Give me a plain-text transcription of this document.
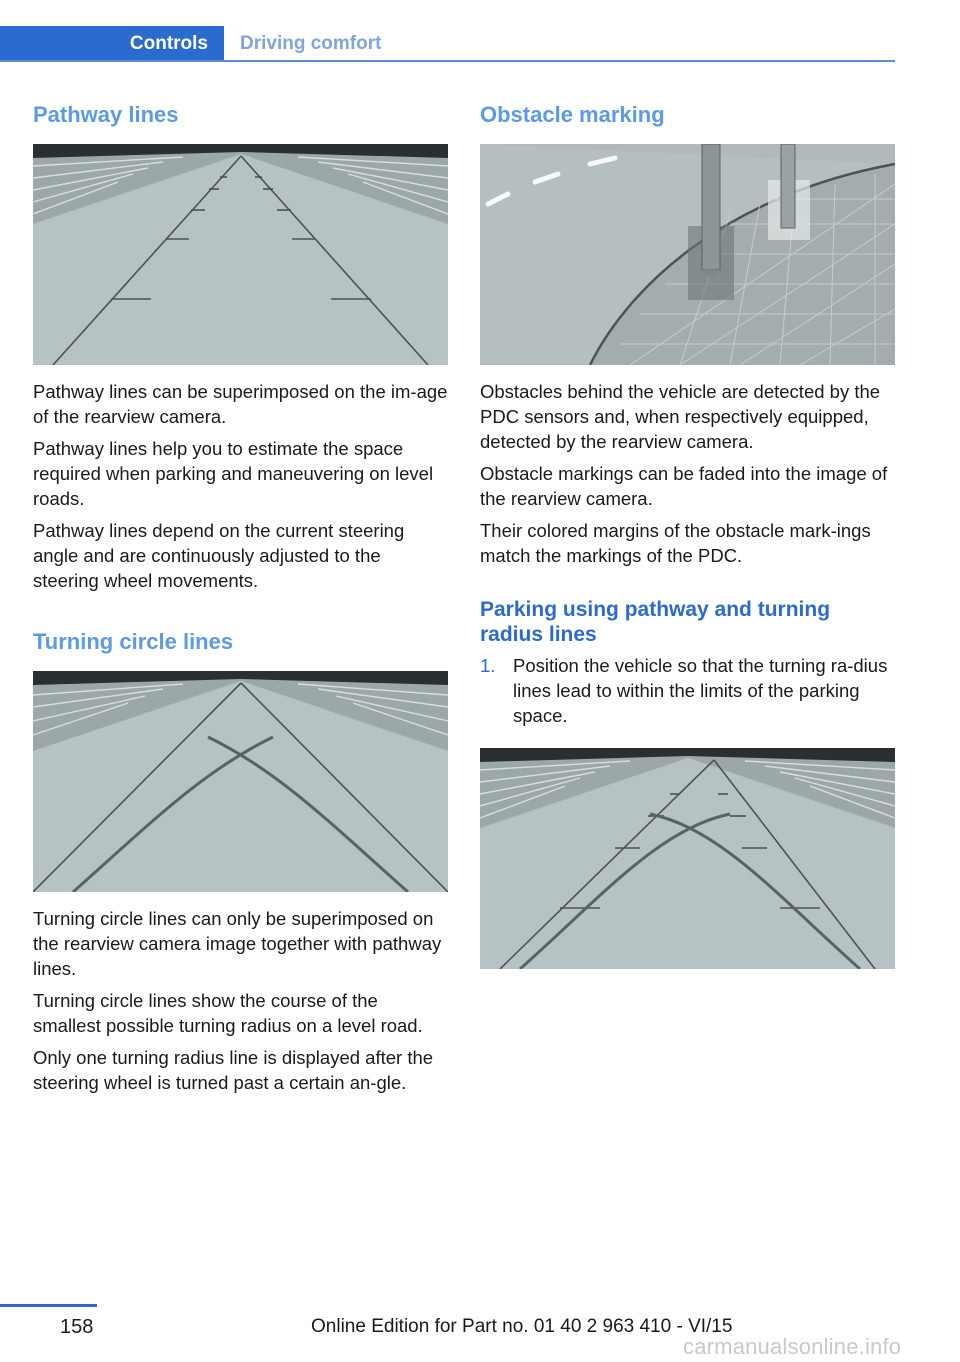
Controls	Driving comfort
Pathway lines

Pathway lines can be superimposed on the im‐age of the rearview camera.

Pathway lines help you to estimate the space required when parking and maneuvering on level roads.

Pathway lines depend on the current steering angle and are continuously adjusted to the steering wheel movements.

Turning circle lines

Turning circle lines can only be superimposed on the rearview camera image together with pathway lines.

Turning circle lines show the course of the smallest possible turning radius on a level road.

Only one turning radius line is displayed after the steering wheel is turned past a certain an‐gle.

Obstacle marking

Obstacles behind the vehicle are detected by the PDC sensors and, when respectively equipped, detected by the rearview camera.

Obstacle markings can be faded into the image of the rearview camera.

Their colored margins of the obstacle mark‐ings match the markings of the PDC.

Parking using pathway and turning radius lines
1. Position the vehicle so that the turning ra‐dius lines lead to within the limits of the parking space.

158	Online Edition for Part no. 01 40 2 963 410 - VI/15
carmanualsonline.info
